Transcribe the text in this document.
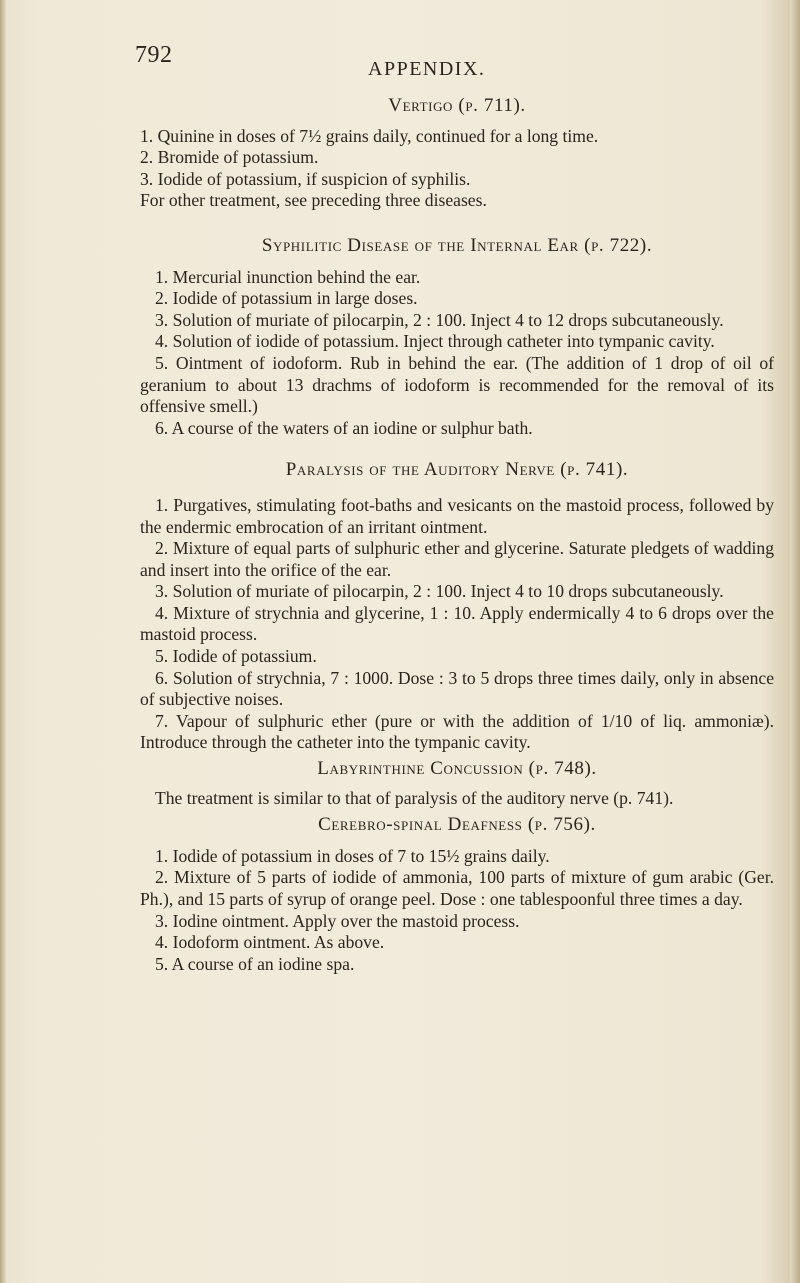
792
APPENDIX.

Vertigo (p. 711).

1. Quinine in doses of 7½ grains daily, continued for a long time.

2. Bromide of potassium.

3. Iodide of potassium, if suspicion of syphilis.

For other treatment, see preceding three diseases.

Syphilitic Disease of the Internal Ear (p. 722).

1. Mercurial inunction behind the ear.

2. Iodide of potassium in large doses.

3. Solution of muriate of pilocarpin, 2 : 100. Inject 4 to 12 drops subcutaneously.

4. Solution of iodide of potassium. Inject through catheter into tympanic cavity.

5. Ointment of iodoform. Rub in behind the ear. (The addition of 1 drop of oil of geranium to about 13 drachms of iodoform is recommended for the removal of its offensive smell.)

6. A course of the waters of an iodine or sulphur bath.

Paralysis of the Auditory Nerve (p. 741).

1. Purgatives, stimulating foot-baths and vesicants on the mastoid process, followed by the endermic embrocation of an irritant ointment.

2. Mixture of equal parts of sulphuric ether and glycerine. Saturate pledgets of wadding and insert into the orifice of the ear.

3. Solution of muriate of pilocarpin, 2 : 100. Inject 4 to 10 drops subcutaneously.

4. Mixture of strychnia and glycerine, 1 : 10. Apply endermically 4 to 6 drops over the mastoid process.

5. Iodide of potassium.

6. Solution of strychnia, 7 : 1000. Dose : 3 to 5 drops three times daily, only in absence of subjective noises.

7. Vapour of sulphuric ether (pure or with the addition of 1/10 of liq. ammoniæ). Introduce through the catheter into the tympanic cavity.

Labyrinthine Concussion (p. 748).

The treatment is similar to that of paralysis of the auditory nerve (p. 741).

Cerebro-spinal Deafness (p. 756).

1. Iodide of potassium in doses of 7 to 15½ grains daily.

2. Mixture of 5 parts of iodide of ammonia, 100 parts of mixture of gum arabic (Ger. Ph.), and 15 parts of syrup of orange peel. Dose : one tablespoonful three times a day.

3. Iodine ointment. Apply over the mastoid process.

4. Iodoform ointment. As above.

5. A course of an iodine spa.
